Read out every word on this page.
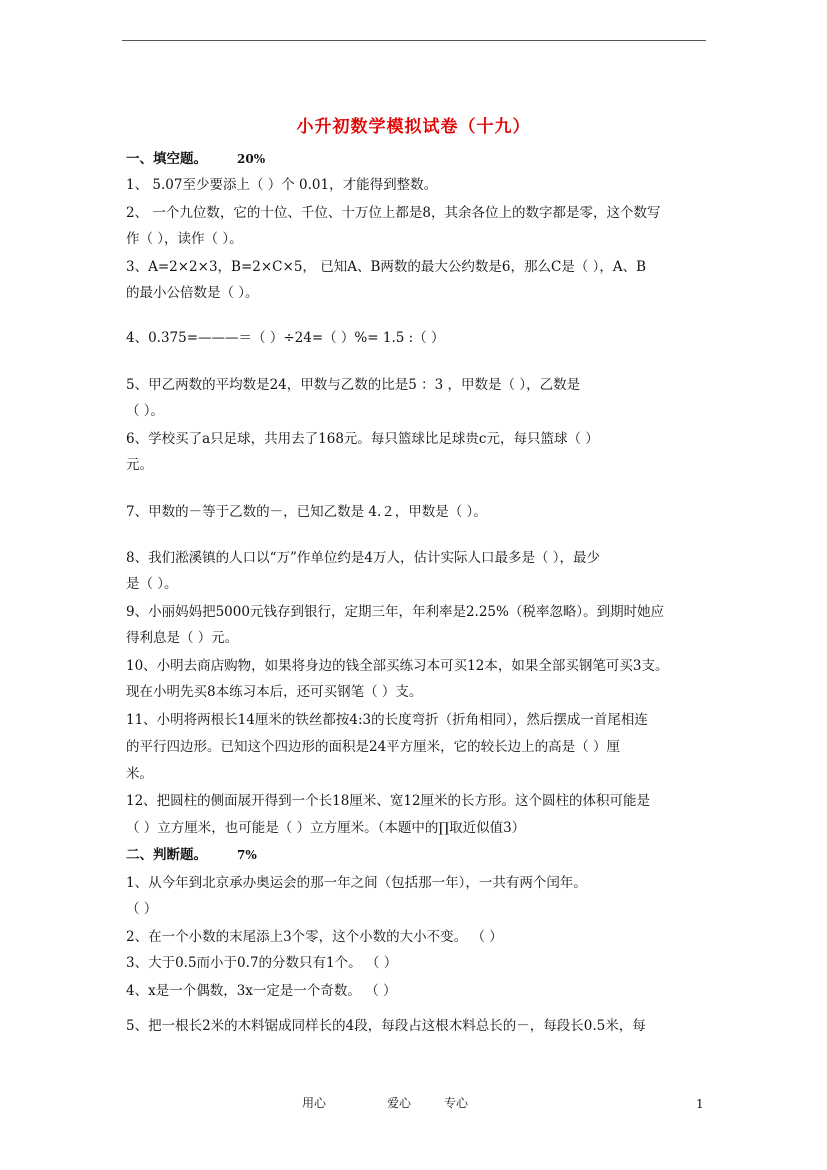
小升初数学模拟试卷（十九）
一、填空题。	20%
1、 5.07至少要添上（ ）个 0.01，才能得到整数。
2、 一个九位数，它的十位、千位、十万位上都是8，其余各位上的数字都是零，这个数写
作（ ），读作（ ）。
3、A=2×2×3，B=2×C×5， 已知A、B两数的最大公约数是6，那么C是（ ），A、B
的最小公倍数是（ ）。
4、0.375=———＝（ ）÷24=（ ）%= 1.5 :（ ）
5、甲乙两数的平均数是24，甲数与乙数的比是5 ：3 ，甲数是（ ），乙数是
（ ）。
6、学校买了a只足球，共用去了168元。每只篮球比足球贵c元，每只篮球（ ）
元。
7、甲数的－等于乙数的－，已知乙数是 4.２，甲数是（ ）。
8、我们淞溪镇的人口以“万”作单位约是4万人，估计实际人口最多是（ ），最少
是（ ）。
9、小丽妈妈把5000元钱存到银行，定期三年，年利率是2.25%（税率忽略）。到期时她应
得利息是（ ）元。
10、小明去商店购物，如果将身边的钱全部买练习本可买12本，如果全部买钢笔可买3支。
现在小明先买8本练习本后，还可买钢笔（ ）支。
11、小明将两根长14厘米的铁丝都按4:3的长度弯折（折角相同），然后摆成一首尾相连
的平行四边形。已知这个四边形的面积是24平方厘米，它的较长边上的高是（ ）厘
米。
12、把圆柱的侧面展开得到一个长18厘米、宽12厘米的长方形。这个圆柱的体积可能是
（ ）立方厘米，也可能是（ ）立方厘米。（本题中的∏取近似值3）
二、判断题。	7%
1、从今年到北京承办奥运会的那一年之间（包括那一年），一共有两个闰年。
（ ）
2、在一个小数的末尾添上3个零，这个小数的大小不变。 （ ）
3、大于0.5而小于0.7的分数只有1个。 （ ）
4、x是一个偶数，3x一定是一个奇数。 （ ）
5、把一根长2米的木料锯成同样长的4段，每段占这根木料总长的－，每段长0.5米，每
用心	爱心	专心	1
